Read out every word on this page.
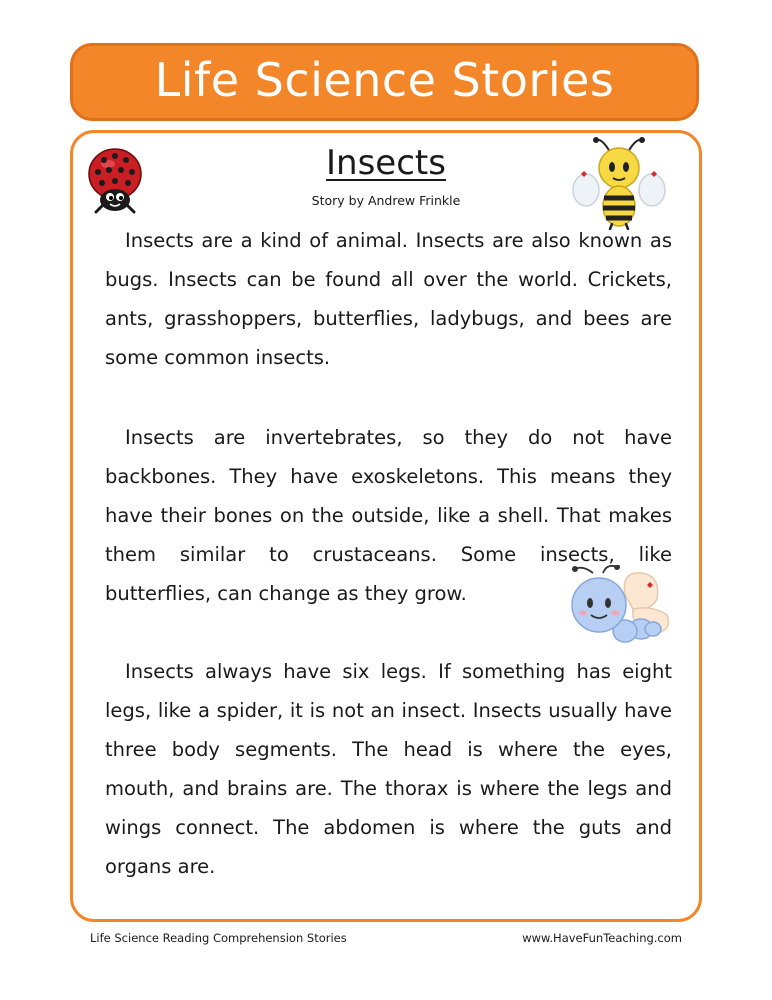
Life Science Stories
Insects
Story by Andrew Frinkle

Insects are a kind of animal. Insects are also known as bugs. Insects can be found all over the world. Crickets, ants, grasshoppers, butterflies, ladybugs, and bees are some common insects.

Insects are invertebrates, so they do not have backbones. They have exoskeletons. This means they have their bones on the outside, like a shell. That makes them similar to crustaceans. Some insects, like butterflies, can change as they grow.

Insects always have six legs. If something has eight legs, like a spider, it is not an insect. Insects usually have three body segments. The head is where the eyes, mouth, and brains are. The thorax is where the legs and wings connect. The abdomen is where the guts and organs are.

Life Science Reading Comprehension Stories	www.HaveFunTeaching.com
